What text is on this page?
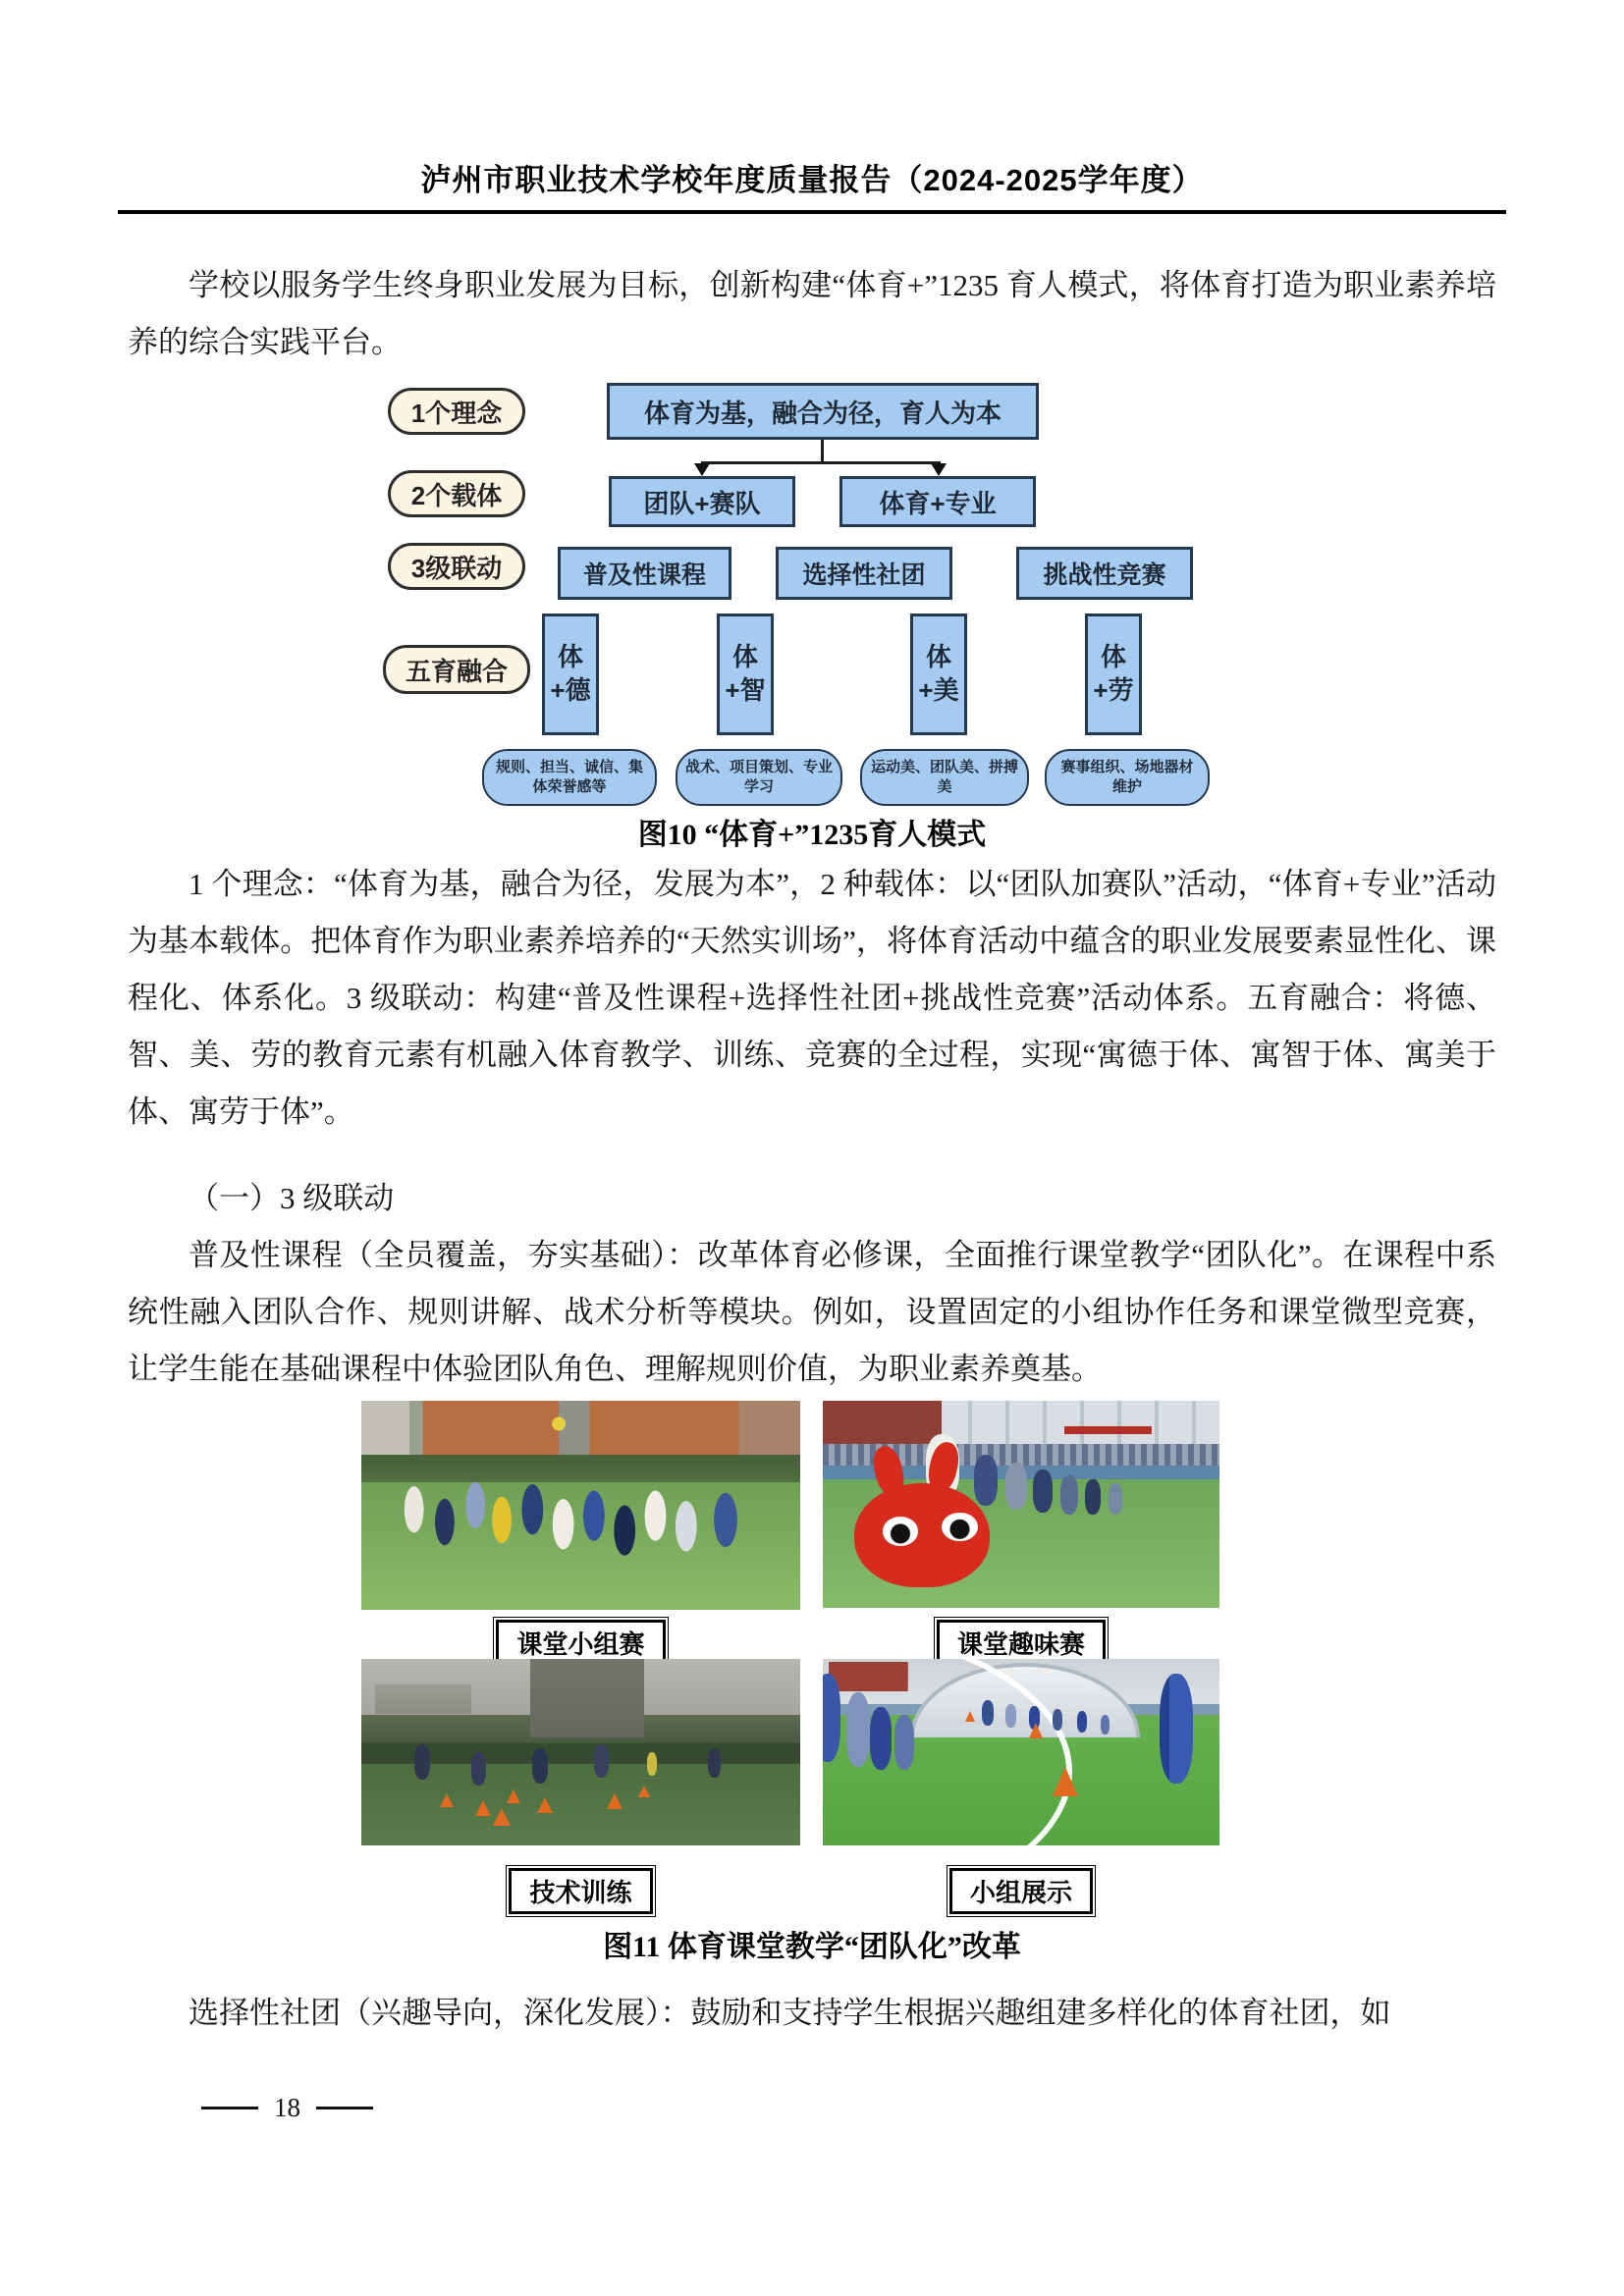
泸州市职业技术学校年度质量报告（2024-2025学年度）
学校以服务学生终身职业发展为目标，创新构建“体育+”1235 育人模式，将体育打造为职业素养培养的综合实践平台。
1个理念
2个载体
3级联动
五育融合
体育为基，融合为径，育人为本
团队+赛队	体育+专业
普及性课程	选择性社团	挑战性竞赛
体+德
体+智
体+美
体+劳
规则、担当、诚信、集体荣誉感等
战术、项目策划、专业学习
运动美、团队美、拼搏美
赛事组织、场地器材维护
图10 “体育+”1235育人模式
1 个理念：“体育为基，融合为径，发展为本”，2 种载体：以“团队加赛队”活动，“体育+专业”活动为基本载体。把体育作为职业素养培养的“天然实训场”，将体育活动中蕴含的职业发展要素显性化、课程化、体系化。3 级联动：构建“普及性课程+选择性社团+挑战性竞赛”活动体系。五育融合：将德、智、美、劳的教育元素有机融入体育教学、训练、竞赛的全过程，实现“寓德于体、寓智于体、寓美于体、寓劳于体”。
（一）3 级联动
普及性课程（全员覆盖，夯实基础）：改革体育必修课，全面推行课堂教学“团队化”。在课程中系统性融入团队合作、规则讲解、战术分析等模块。例如，设置固定的小组协作任务和课堂微型竞赛，让学生能在基础课程中体验团队角色、理解规则价值，为职业素养奠基。
课堂小组赛	课堂趣味赛
技术训练	小组展示
图11 体育课堂教学“团队化”改革
选择性社团（兴趣导向，深化发展）：鼓励和支持学生根据兴趣组建多样化的体育社团，如
18
